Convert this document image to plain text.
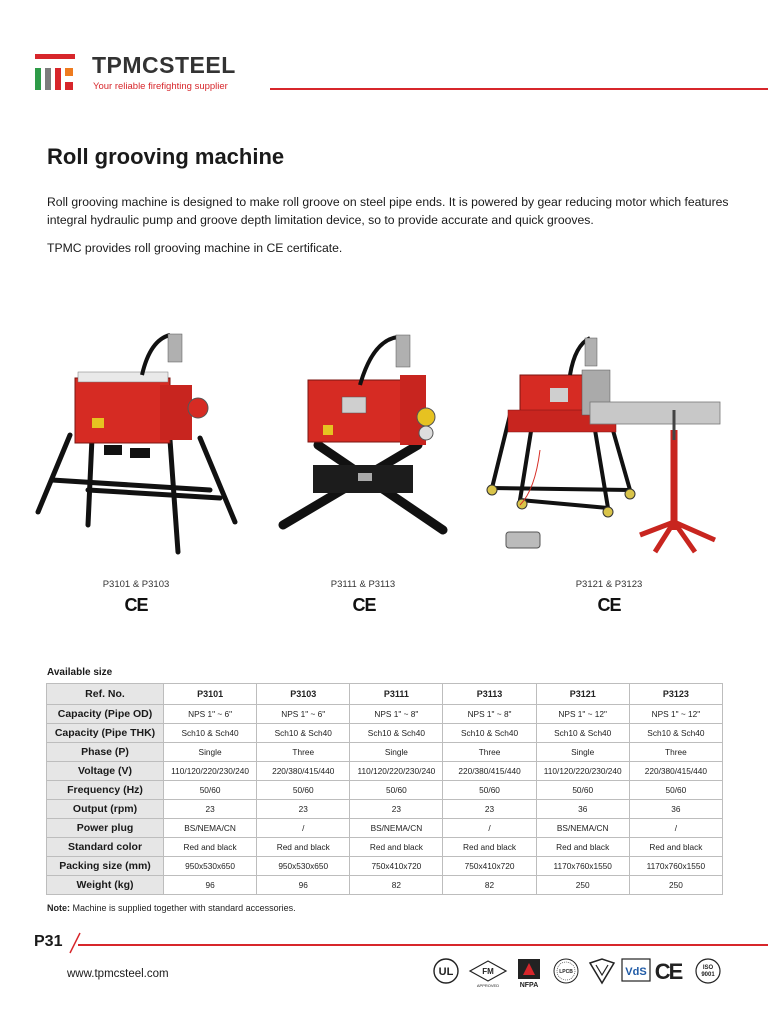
TPMCSTEEL
Your reliable firefighting supplier
Roll grooving machine

Roll grooving machine is designed to make roll groove on steel pipe ends. It is powered by gear reducing motor which features integral hydraulic pump and groove depth limitation device, so to provide accurate and quick grooves.

TPMC provides roll grooving machine in CE certificate.

P3101 & P3103
CE
P3111 & P3113
CE
P3121 & P3123
CE
Available size
Ref. No.	P3101	P3103	P3111	P3113	P3121	P3123
Capacity (Pipe OD)	NPS 1" ~ 6"	NPS 1" ~ 6"	NPS 1" ~ 8"	NPS 1" ~ 8"	NPS 1" ~ 12"	NPS 1" ~ 12"
Capacity (Pipe THK)	Sch10 & Sch40	Sch10 & Sch40	Sch10 & Sch40	Sch10 & Sch40	Sch10 & Sch40	Sch10 & Sch40
Phase (P)	Single	Three	Single	Three	Single	Three
Voltage (V)	110/120/220/230/240	220/380/415/440	110/120/220/230/240	220/380/415/440	110/120/220/230/240	220/380/415/440
Frequency (Hz)	50/60	50/60	50/60	50/60	50/60	50/60
Output (rpm)	23	23	23	23	36	36
Power plug	BS/NEMA/CN	/	BS/NEMA/CN	/	BS/NEMA/CN	/
Standard color	Red and black	Red and black	Red and black	Red and black	Red and black	Red and black
Packing size (mm)	950x530x650	950x530x650	750x410x720	750x410x720	1170x760x1550	1170x760x1550
Weight (kg)	96	96	82	82	250	250
Note: Machine is supplied together with standard accessories.
P31
www.tpmcsteel.com	UL	FM
APPROVED	NFPA
LPCB	VdS CE	ISO
9001
